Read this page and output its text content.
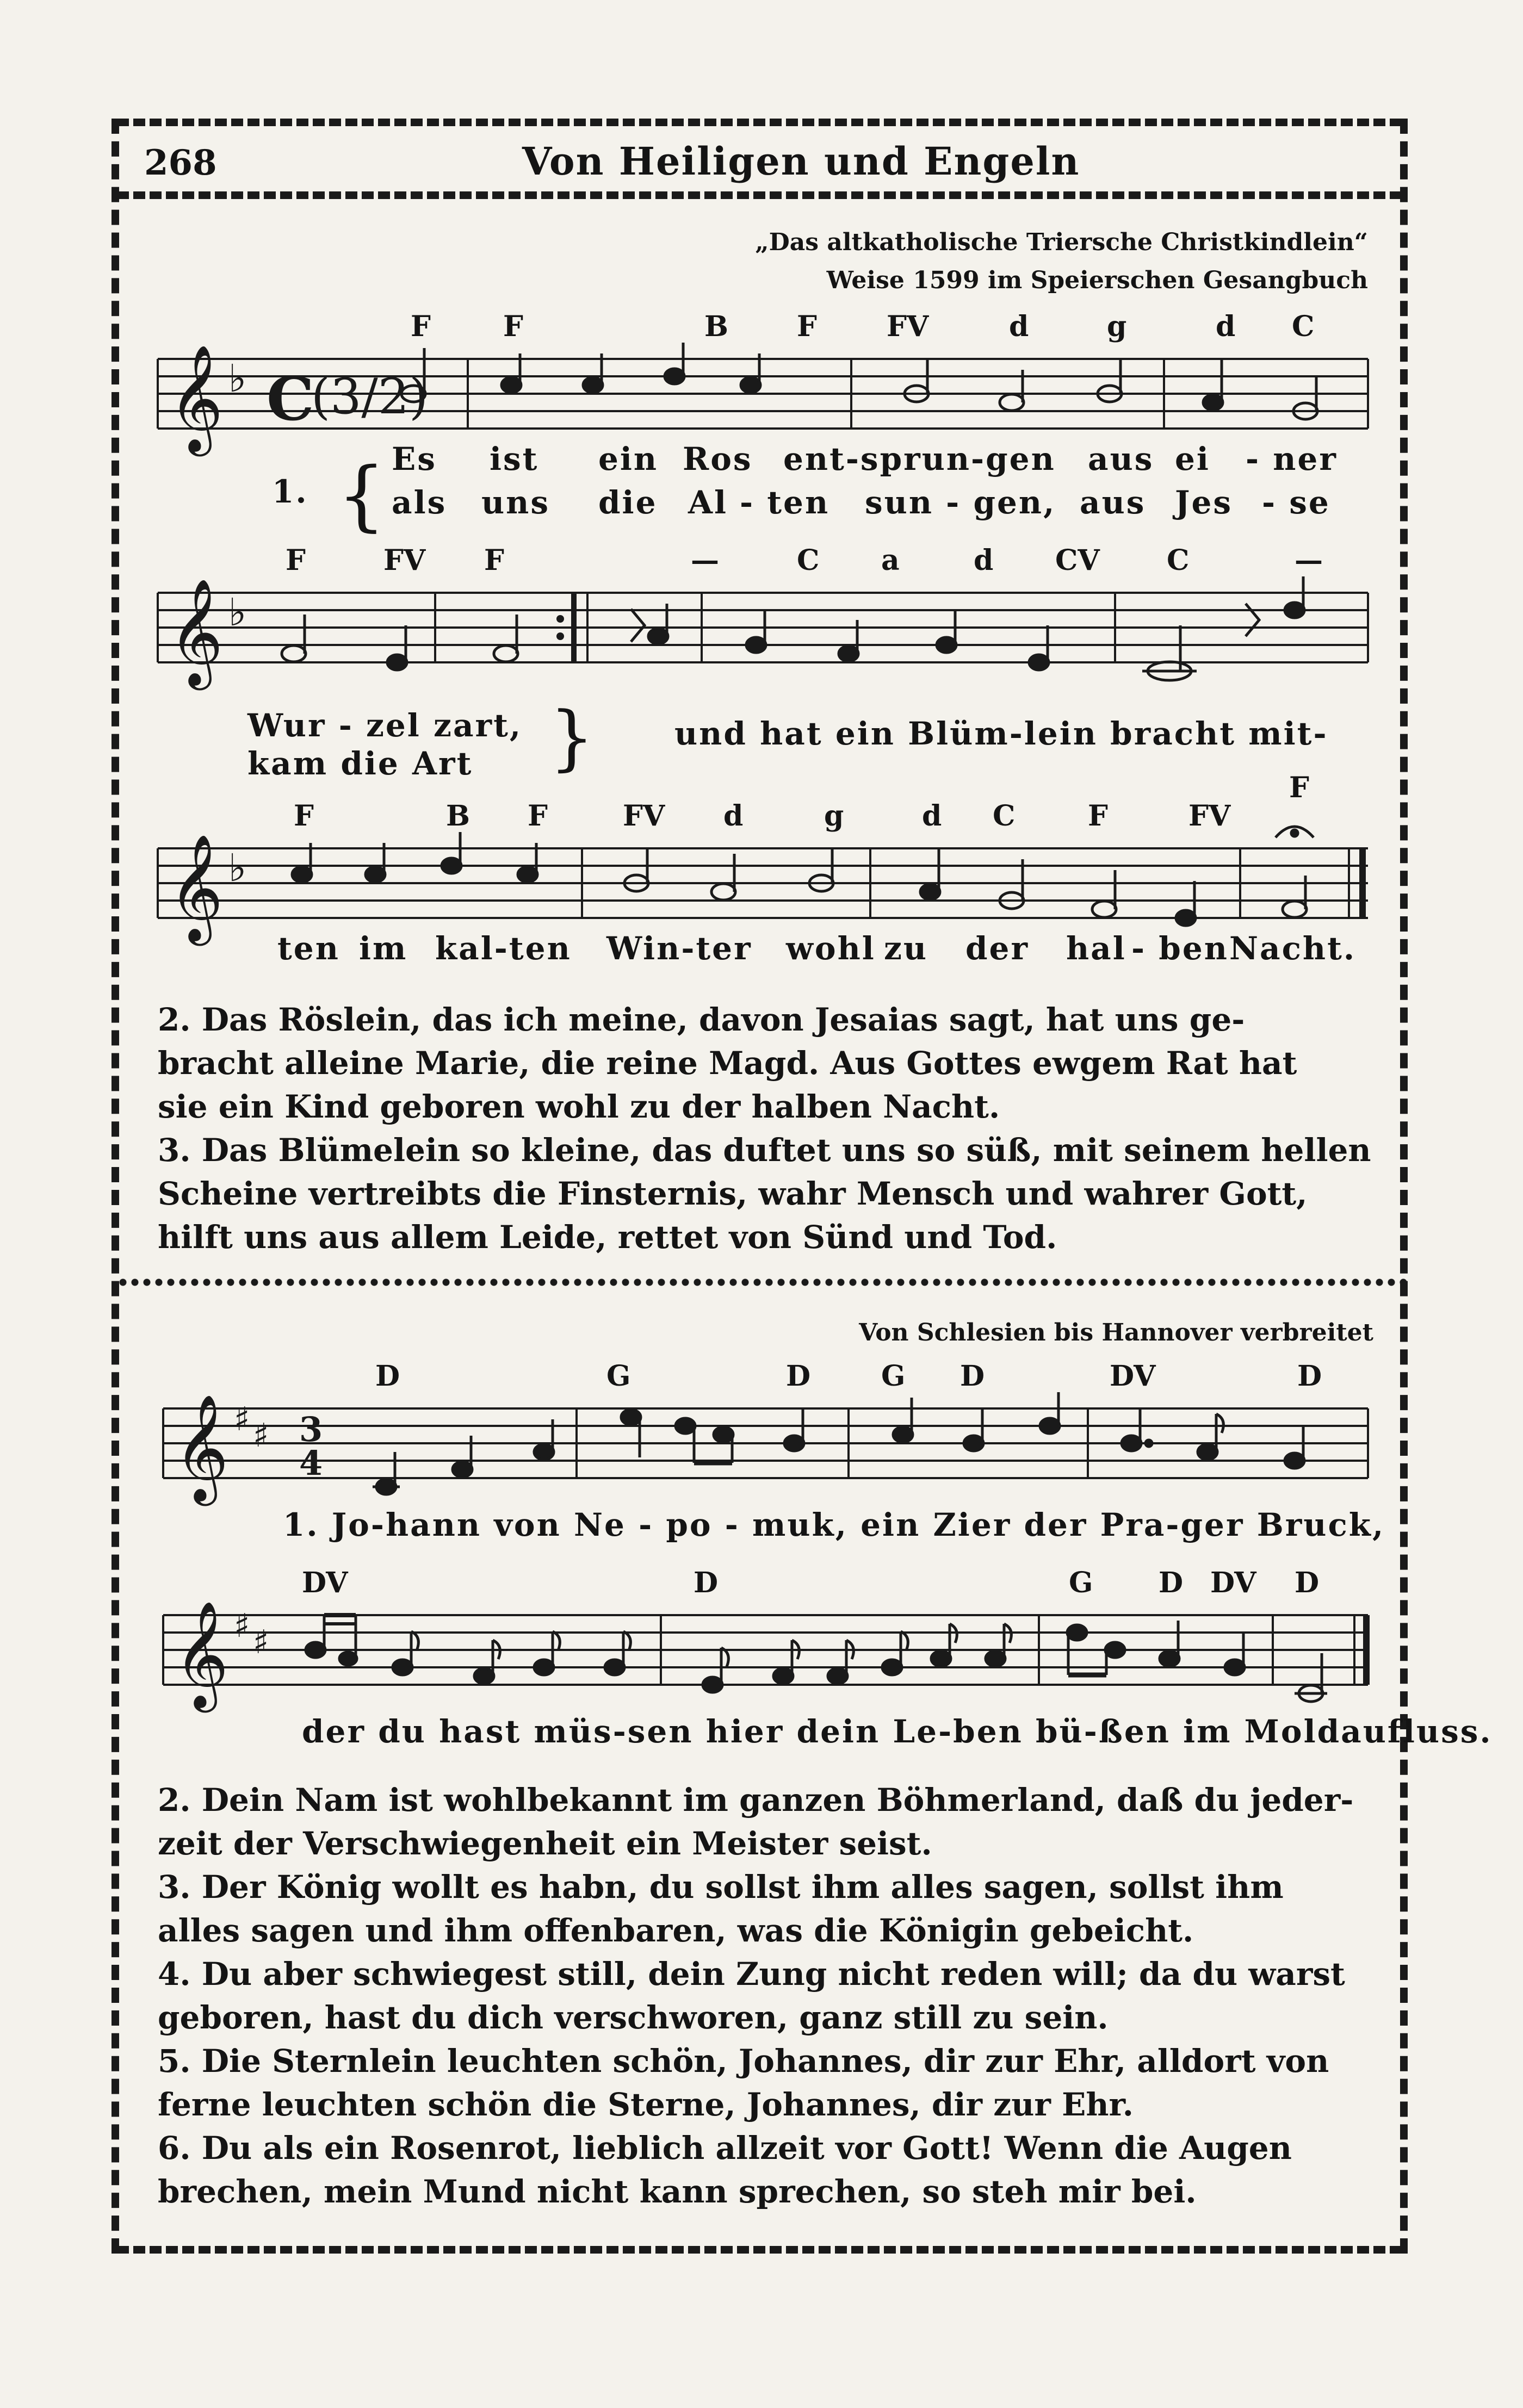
268	Von Heiligen und Engeln
„Das altkatholische Triersche Christkindlein“
Weise 1599 im Speierschen Gesangbuch
F	F	B F FV	d	g	d C
𝄞 ♭ C
(3/2)
1. { Es ist ein Ros ent-sprun-gen aus ei - ner
als uns die Al - ten sun - gen, aus Jes - se
F	FV F	—	C a	d CV C	—
𝄞 ♭
Wur - zel zart,
kam die Art } und hat ein Blüm-lein bracht mit-
F	B F	FV d	g	d C	F	FV
F
𝄞 ♭
ten im kal-ten Win-ter wohl zu der hal - ben Nacht.
2. Das Röslein, das ich meine, davon Jesaias sagt, hat uns ge-
bracht alleine Marie, die reine Magd. Aus Gottes ewgem Rat hat
sie ein Kind geboren wohl zu der halben Nacht.
3. Das Blümelein so kleine, das duftet uns so süß, mit seinem hellen
Scheine vertreibts die Finsternis, wahr Mensch und wahrer Gott,
hilft uns aus allem Leide, rettet von Sünd und Tod.
Von Schlesien bis Hannover verbreitet
D	G	D G D	DV	D
𝄞 ♯ ♯ 3
4
1. Jo-hann von Ne - po - muk, ein Zier der Pra-ger Bruck,
DV	D	G D DV D
𝄞 ♯ ♯
der du hast müs-sen hier dein Le-ben bü-ßen im Moldaufluss.
2. Dein Nam ist wohlbekannt im ganzen Böhmerland, daß du jeder-
zeit der Verschwiegenheit ein Meister seist.
3. Der König wollt es habn, du sollst ihm alles sagen, sollst ihm
alles sagen und ihm offenbaren, was die Königin gebeicht.
4. Du aber schwiegest still, dein Zung nicht reden will; da du warst
geboren, hast du dich verschworen, ganz still zu sein.
5. Die Sternlein leuchten schön, Johannes, dir zur Ehr, alldort von
ferne leuchten schön die Sterne, Johannes, dir zur Ehr.
6. Du als ein Rosenrot, lieblich allzeit vor Gott! Wenn die Augen
brechen, mein Mund nicht kann sprechen, so steh mir bei.
